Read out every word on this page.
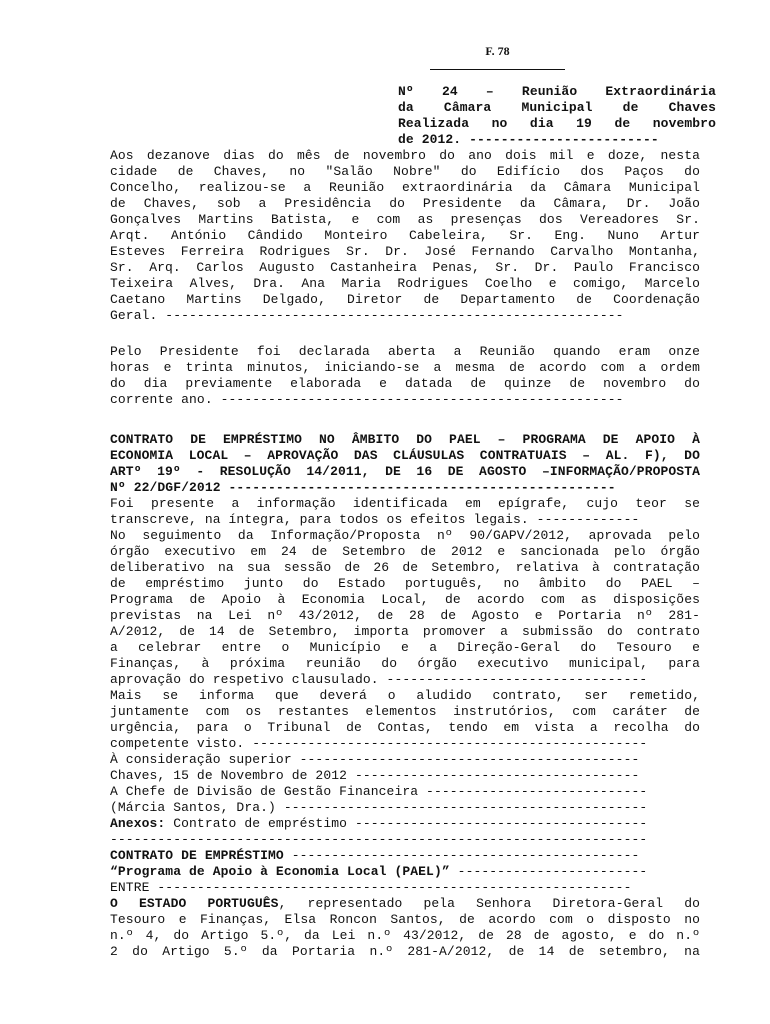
F. 78
Nº 24 – Reunião Extraordinária
da Câmara Municipal de Chaves
Realizada no dia 19 de novembro
de 2012. ------------------------
Aos dezanove dias do mês de novembro do ano dois mil e doze, nesta
cidade de Chaves, no "Salão Nobre" do Edifício dos Paços do
Concelho, realizou-se a Reunião extraordinária da Câmara Municipal
de Chaves, sob a Presidência do Presidente da Câmara, Dr. João
Gonçalves Martins Batista, e com as presenças dos Vereadores Sr.
Arqt. António Cândido Monteiro Cabeleira, Sr. Eng. Nuno Artur
Esteves Ferreira Rodrigues Sr. Dr. José Fernando Carvalho Montanha,
Sr. Arq. Carlos Augusto Castanheira Penas, Sr. Dr. Paulo Francisco
Teixeira Alves, Dra. Ana Maria Rodrigues Coelho e comigo, Marcelo
Caetano Martins Delgado, Diretor de Departamento de Coordenação
Geral. ----------------------------------------------------------
Pelo Presidente foi declarada aberta a Reunião quando eram onze
horas e trinta minutos, iniciando-se a mesma de acordo com a ordem
do dia previamente elaborada e datada de quinze de novembro do
corrente ano. ---------------------------------------------------
CONTRATO DE EMPRÉSTIMO NO ÂMBITO DO PAEL – PROGRAMA DE APOIO À
ECONOMIA LOCAL – APROVAÇÃO DAS CLÁUSULAS CONTRATUAIS – AL. F), DO
ARTº 19º - RESOLUÇÃO 14/2011, DE 16 DE AGOSTO –INFORMAÇÃO/PROPOSTA
Nº 22/DGF/2012 -------------------------------------------------
Foi presente a informação identificada em epígrafe, cujo teor se
transcreve, na íntegra, para todos os efeitos legais. -------------
No seguimento da Informação/Proposta nº 90/GAPV/2012, aprovada pelo
órgão executivo em 24 de Setembro de 2012 e sancionada pelo órgão
deliberativo na sua sessão de 26 de Setembro, relativa à contratação
de empréstimo junto do Estado português, no âmbito do PAEL –
Programa de Apoio à Economia Local, de acordo com as disposições
previstas na Lei nº 43/2012, de 28 de Agosto e Portaria nº 281-
A/2012, de 14 de Setembro, importa promover a submissão do contrato
a celebrar entre o Município e a Direção-Geral do Tesouro e
Finanças, à próxima reunião do órgão executivo municipal, para
aprovação do respetivo clausulado. ---------------------------------
Mais se informa que deverá o aludido contrato, ser remetido,
juntamente com os restantes elementos instrutórios, com caráter de
urgência, para o Tribunal de Contas, tendo em vista a recolha do
competente visto. --------------------------------------------------
À consideração superior -------------------------------------------
Chaves, 15 de Novembro de 2012 ------------------------------------
A Chefe de Divisão de Gestão Financeira ----------------------------
(Márcia Santos, Dra.) ----------------------------------------------
Anexos: Contrato de empréstimo -------------------------------------
--------------------------------------------------------------------
CONTRATO DE EMPRÉSTIMO --------------------------------------------
“Programa de Apoio à Economia Local (PAEL)” ------------------------
ENTRE ------------------------------------------------------------
O ESTADO PORTUGUÊS, representado pela Senhora Diretora-Geral do
Tesouro e Finanças, Elsa Roncon Santos, de acordo com o disposto no
n.º 4, do Artigo 5.º, da Lei n.º 43/2012, de 28 de agosto, e do n.º
2 do Artigo 5.º da Portaria n.º 281-A/2012, de 14 de setembro, na
